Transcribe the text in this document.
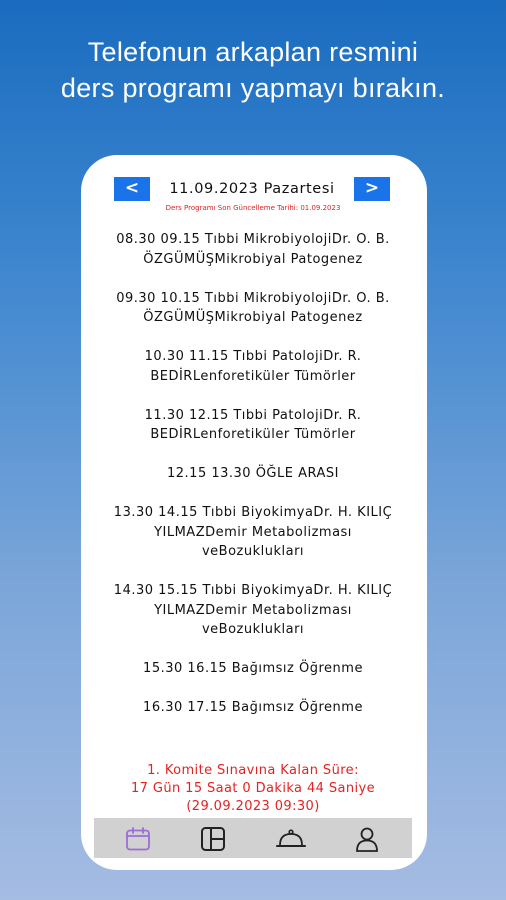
Telefonun arkaplan resmini
ders programı yapmayı bırakın.
<	11.09.2023 Pazartesi	>
Ders Programı Son Güncelleme Tarihi: 01.09.2023
08.30 09.15 Tıbbi MikrobiyolojiDr. O. B.
ÖZGÜMÜŞMikrobiyal Patogenez
09.30 10.15 Tıbbi MikrobiyolojiDr. O. B.
ÖZGÜMÜŞMikrobiyal Patogenez
10.30 11.15 Tıbbi PatolojiDr. R.
BEDİRLenforetiküler Tümörler
11.30 12.15 Tıbbi PatolojiDr. R.
BEDİRLenforetiküler Tümörler
12.15 13.30 ÖĞLE ARASI
13.30 14.15 Tıbbi BiyokimyaDr. H. KILIÇ
YILMAZDemir Metabolizması
veBozuklukları
14.30 15.15 Tıbbi BiyokimyaDr. H. KILIÇ
YILMAZDemir Metabolizması
veBozuklukları
15.30 16.15 Bağımsız Öğrenme
16.30 17.15 Bağımsız Öğrenme
1. Komite Sınavına Kalan Süre:
17 Gün 15 Saat 0 Dakika 44 Saniye
(29.09.2023 09:30)
